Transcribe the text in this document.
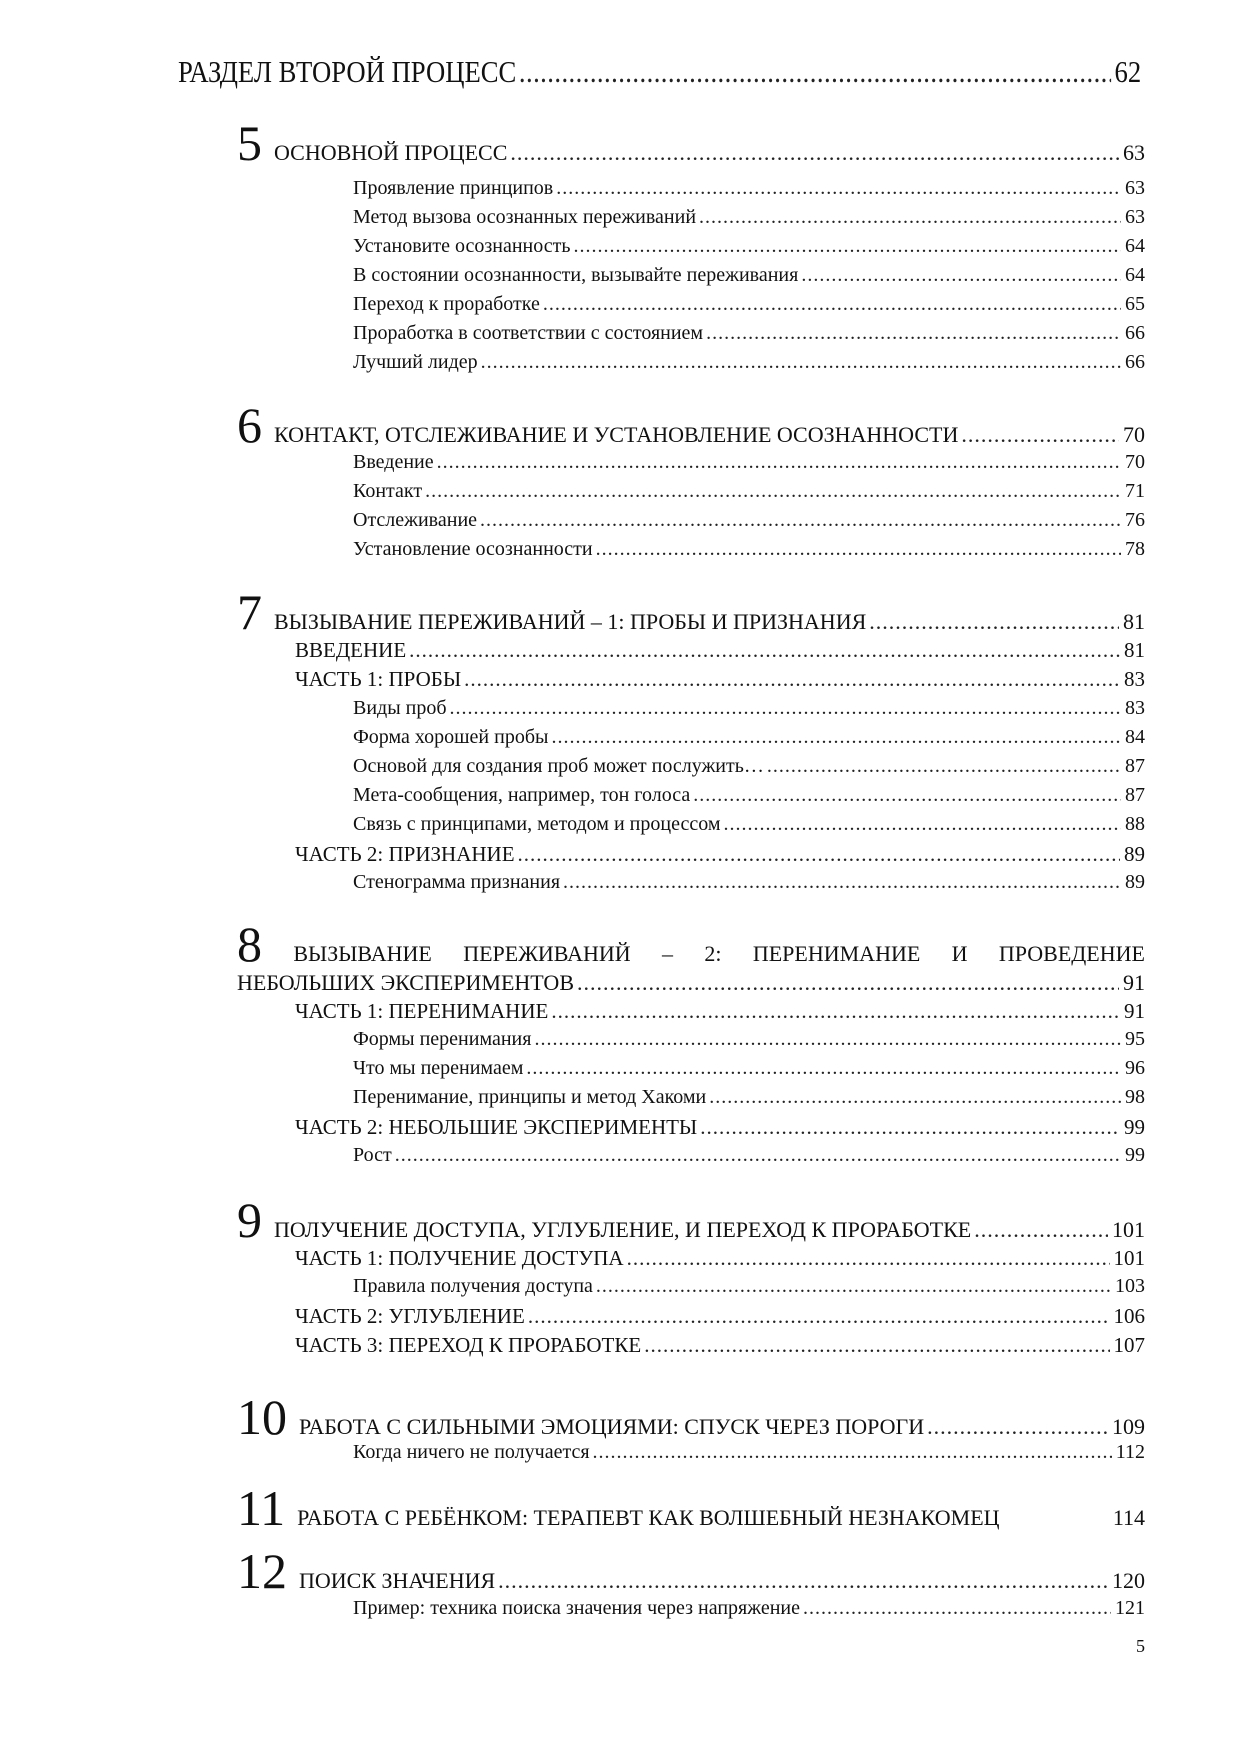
РАЗДЕЛ ВТОРОЙ ПРОЦЕСС .....	62
5 ОСНОВНОЙ ПРОЦЕСС .....	63
Проявление принципов .....	63
Метод вызова осознанных переживаний .....	63
Установите осознанность .....	64
В состоянии осознанности, вызывайте переживания .....	64
Переход к проработке .....	65
Проработка в соответствии с состоянием .....	66
Лучший лидер .....	66
6 КОНТАКТ, ОТСЛЕЖИВАНИЕ И УСТАНОВЛЕНИЕ ОСОЗНАННОСТИ .....	70
Введение .....	70
Контакт .....	71
Отслеживание .....	76
Установление осознанности .....	78
7 ВЫЗЫВАНИЕ ПЕРЕЖИВАНИЙ – 1: ПРОБЫ И ПРИЗНАНИЯ .....	81
ВВЕДЕНИЕ .....	81
ЧАСТЬ 1: ПРОБЫ .....	83
Виды проб .....	83
Форма хорошей пробы .....	84
Основой для создания проб может послужить… .....	87
Мета-сообщения, например, тон голоса .....	87
Связь с принципами, методом и процессом .....	88
ЧАСТЬ 2: ПРИЗНАНИЕ .....	89
Стенограмма признания .....	89
8 ВЫЗЫВАНИЕ ПЕРЕЖИВАНИЙ – 2: ПЕРЕНИМАНИЕ И ПРОВЕДЕНИЕ
НЕБОЛЬШИХ ЭКСПЕРИМЕНТОВ .....	91
ЧАСТЬ 1: ПЕРЕНИМАНИЕ .....	91
Формы перенимания .....	95
Что мы перенимаем .....	96
Перенимание, принципы и метод Хакоми .....	98
ЧАСТЬ 2: НЕБОЛЬШИЕ ЭКСПЕРИМЕНТЫ .....	99
Рост .....	99
9 ПОЛУЧЕНИЕ ДОСТУПА, УГЛУБЛЕНИЕ, И ПЕРЕХОД К ПРОРАБОТКЕ .....	101
ЧАСТЬ 1: ПОЛУЧЕНИЕ ДОСТУПА .....	101
Правила получения доступа .....	103
ЧАСТЬ 2: УГЛУБЛЕНИЕ .....	106
ЧАСТЬ 3: ПЕРЕХОД К ПРОРАБОТКЕ .....	107
10 РАБОТА С СИЛЬНЫМИ ЭМОЦИЯМИ: СПУСК ЧЕРЕЗ ПОРОГИ .....	109
Когда ничего не получается .....	112
11 РАБОТА С РЕБЁНКОМ: ТЕРАПЕВТ КАК ВОЛШЕБНЫЙ НЕЗНАКОМЕЦ	114
12 ПОИСК ЗНАЧЕНИЯ .....	120
Пример: техника поиска значения через напряжение .....	121
5
